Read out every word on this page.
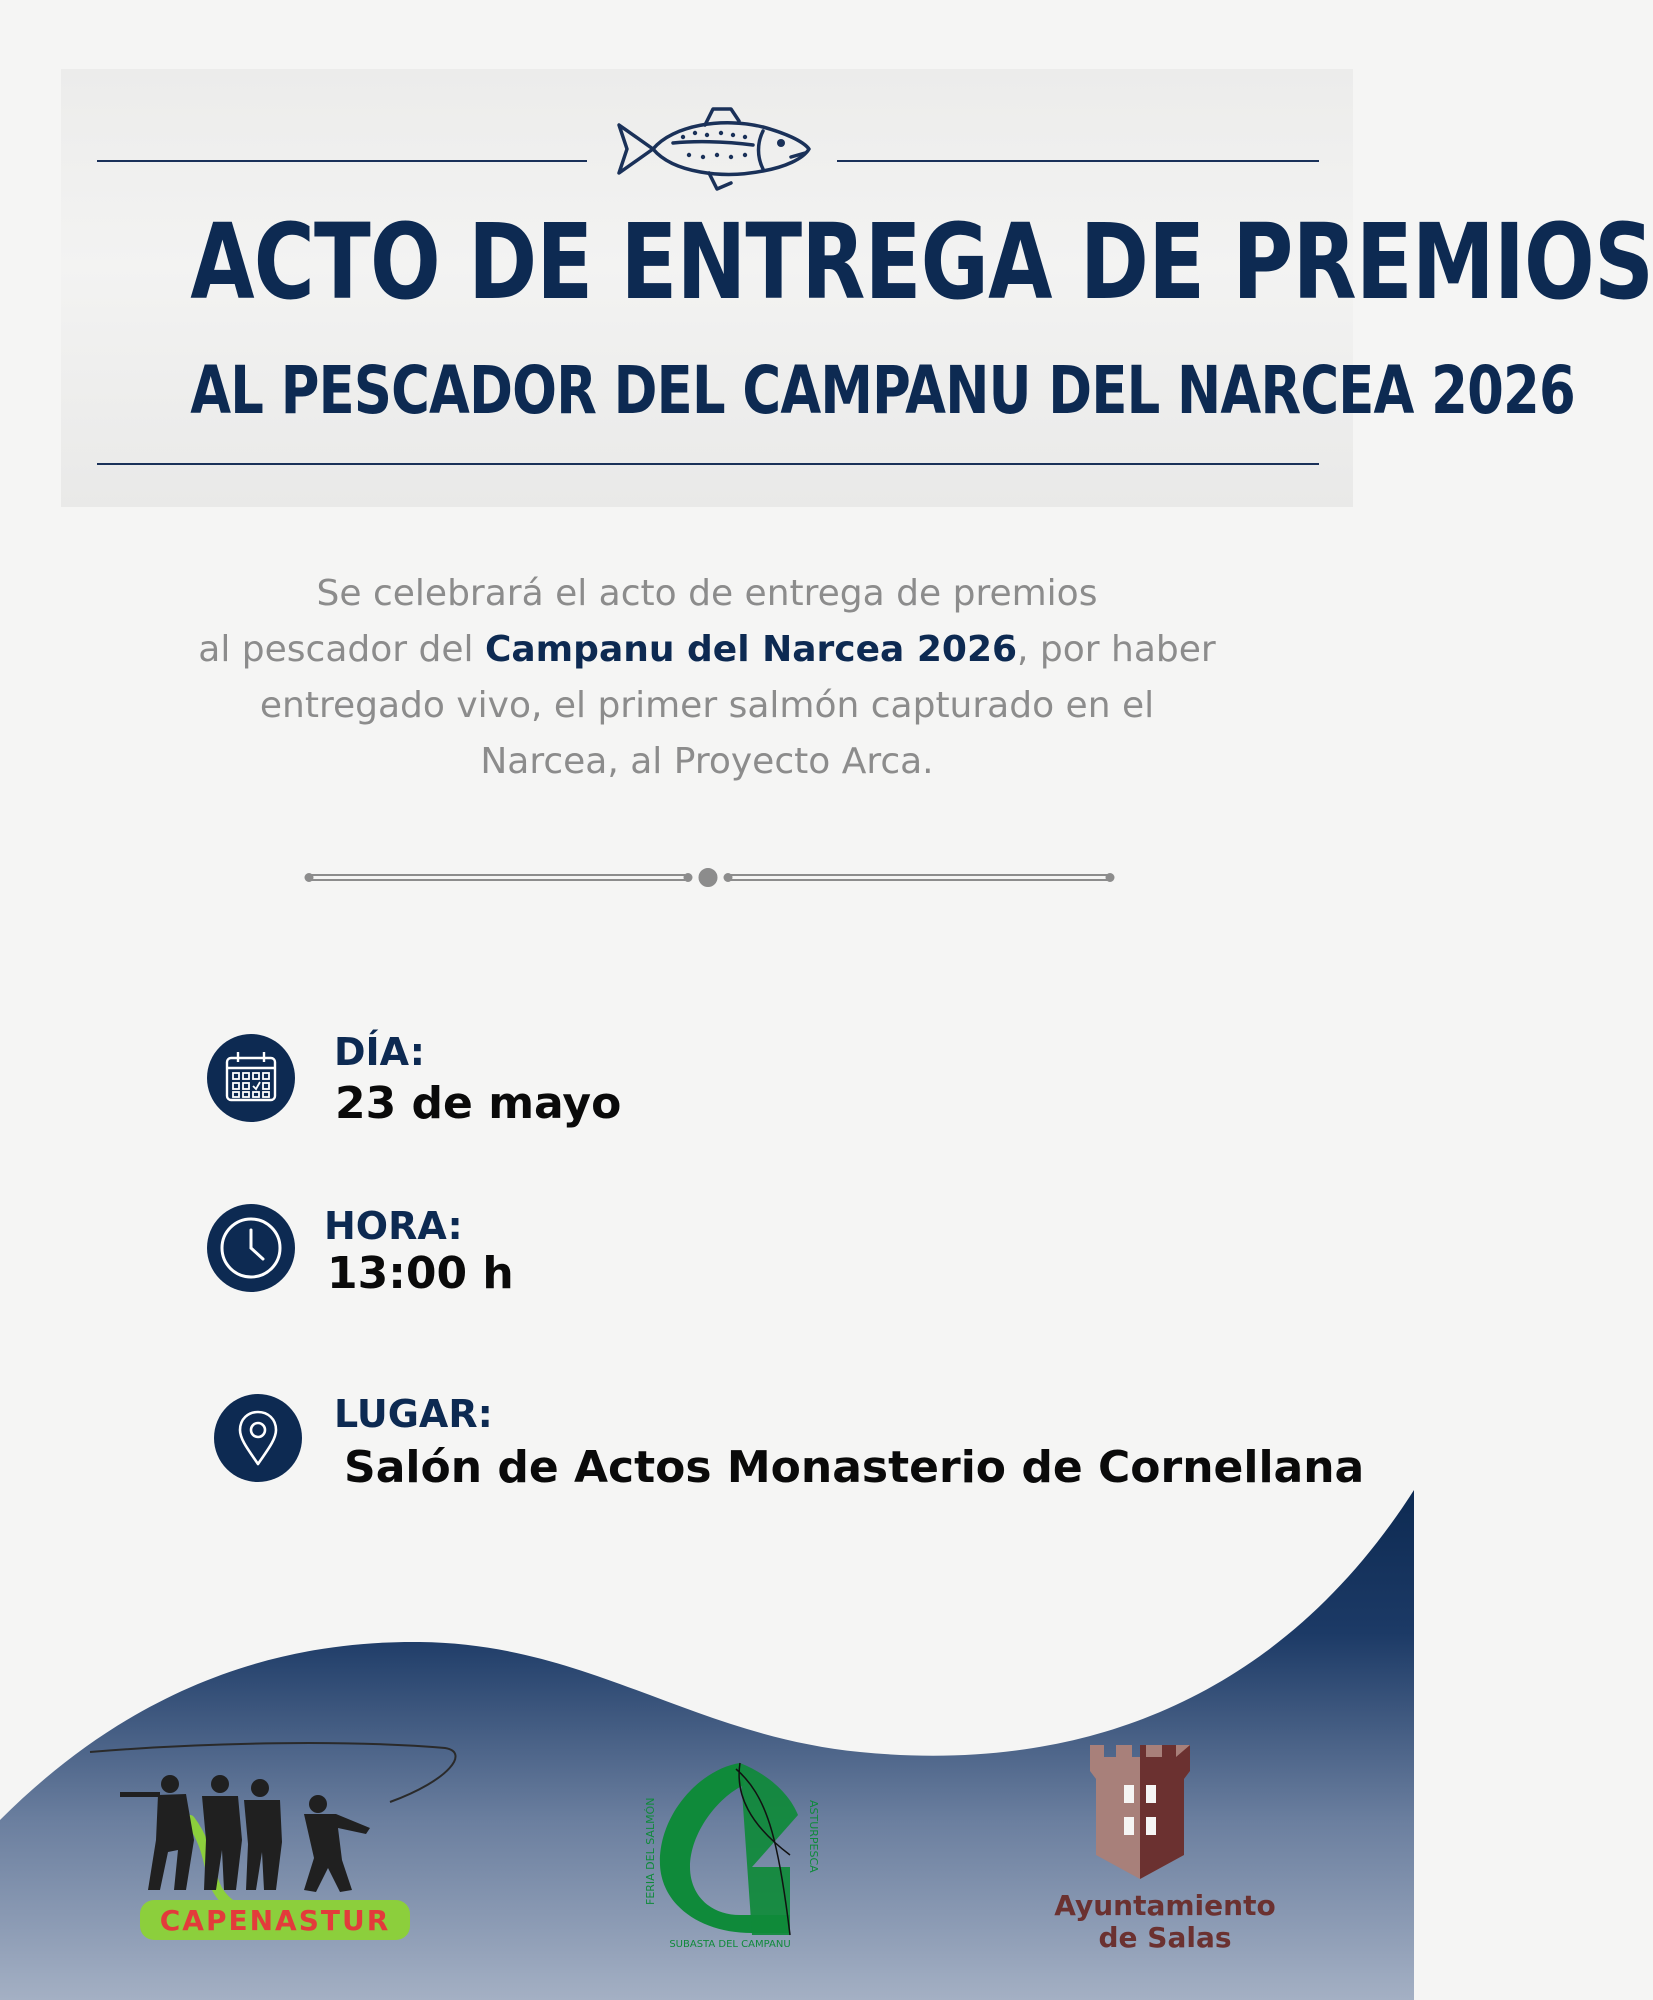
ACTO DE ENTREGA DE PREMIOS
AL PESCADOR DEL CAMPANU DEL NARCEA 2026
Se celebrará el acto de entrega de premios
al pescador del Campanu del Narcea 2026, por haber
entregado vivo, el primer salmón capturado en el
Narcea, al Proyecto Arca.
DÍA:
23 de mayo
HORA:
13:00 h
LUGAR:
Salón de Actos Monasterio de Cornellana
CAPENASTUR
FERIA DEL SALMÓN	ASTURPESCA
SUBASTA DEL CAMPANU
Ayuntamiento
de Salas
